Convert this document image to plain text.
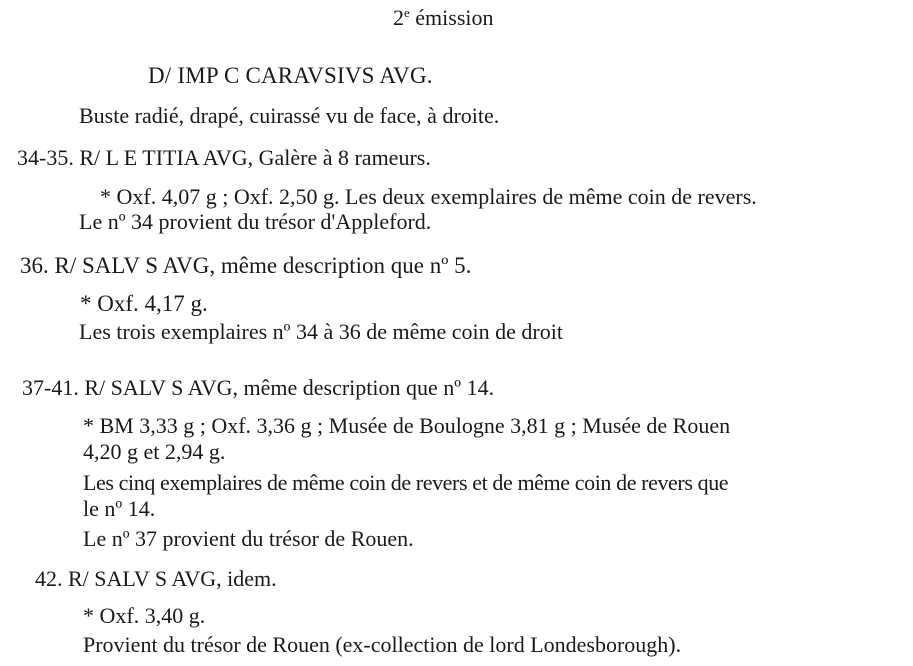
2e émission
D/ IMP C CARAVSIVS AVG.
Buste radié, drapé, cuirassé vu de face, à droite.
34-35. R/ L E TITIA AVG, Galère à 8 rameurs.
* Oxf. 4,07 g ; Oxf. 2,50 g. Les deux exemplaires de même coin de revers.
Le nº 34 provient du trésor d'Appleford.
36. R/ SALV S AVG, même description que nº 5.
* Oxf. 4,17 g.
Les trois exemplaires nº 34 à 36 de même coin de droit
37-41. R/ SALV S AVG, même description que nº 14.
* BM 3,33 g ; Oxf. 3,36 g ; Musée de Boulogne 3,81 g ; Musée de Rouen
4,20 g et 2,94 g.
Les cinq exemplaires de même coin de revers et de même coin de revers que
le nº 14.
Le nº 37 provient du trésor de Rouen.
42. R/ SALV S AVG, idem.
* Oxf. 3,40 g.
Provient du trésor de Rouen (ex-collection de lord Londesborough).
